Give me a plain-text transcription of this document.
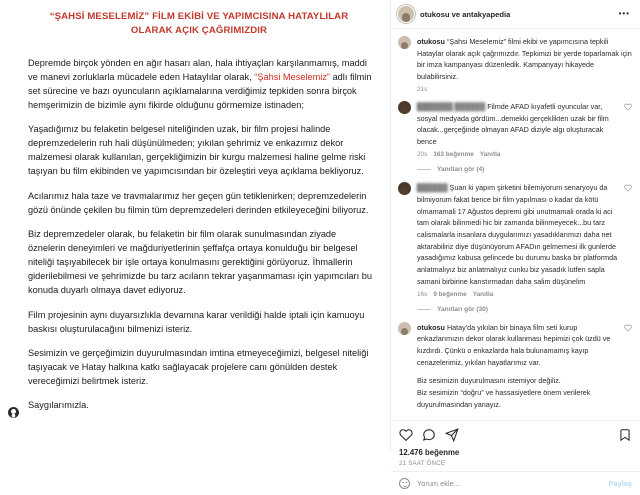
“ŞAHSİ MESELEMİZ” FİLM EKİBİ VE YAPIMCISINA HATAYLILAR OLARAK AÇIK ÇAĞRIMIZDIR

Depremde birçok yönden en ağır hasarı alan, hala ihtiyaçları karşılanmamış, maddi ve manevi zorluklarla mücadele eden Hataylılar olarak, “Şahsi Meselemiz” adlı filmin set sürecine ve bazı oyuncuların açıklamalarına verdiğimiz tepkiden sonra birçok hemşerimizin de bizimle aynı fikirde olduğunu görmemize istinaden;

Yaşadığımız bu felaketin belgesel niteliğinden uzak, bir film projesi halinde depremzedelerin ruh hali düşünülmeden; yıkılan şehrimiz ve enkazımız dekor malzemesi olarak kullanılan, gerçekliğimizin bir kurgu malzemesi haline gelme riski taşıyan bu film ekibinden ve yapımcısından bir özeleştiri veya açıklama bekliyoruz.

Acılarımız hala taze ve travmalarımız her geçen gün tetiklenirken; depremzedelerin gözü önünde çekilen bu filmin tüm depremzedeleri derinden etkileyeceğini biliyoruz.

Biz depremzedeler olarak, bu felaketin bir film olarak sunulmasından ziyade öznelerin deneyimleri ve mağduriyetlerinin şeffafça ortaya konulduğu bir belgesel niteliği taşıyabilecek bir işle ortaya konulmasını gerektiğini görüyoruz. İhmallerin giderilebilmesi ve şehrimizde bu tarz acıların tekrar yaşanmaması için yapımcıları bu konuda duyarlı olmaya davet ediyoruz.

Film projesinin aynı duyarsızlıkla devamına karar verildiği halde iptali için kamuoyu baskısı oluşturulacağını bilmenizi isteriz.

Sesimizin ve gerçeğimizin duyurulmasından imtina etmeyeceğimizi, belgesel niteliği taşıyacak ve Hatay halkına katkı sağlayacak projelere canı gönülden destek vereceğimizi belirtmek isteriz.

Saygılarımızla.

otukosu ve antakyapedia	•••
otukosu “Şahsi Meselemiz” filmi ekibi ve yapımcısına tepkili Hataylar olarak açık çağrımızdır. Tepkimizi bir yerde toparlamak için bir imza kampanyası düzenledik. Kampanyayı hikayede bulabilirsiniz.
21s
███████ ██████ Filmde AFAD kıyafetli oyuncular var, sosyal medyada gördüm...demekki gerçeklikten uzak bir film olacak...gerçeğinde olmayan AFAD diziyle algı oluşturacak bence
20s 163 beğenme Yanıtla
Yanıtları gör (4)
██████ Şuan ki yapım şirketini bilemiyorum senaryoyu da bilmiyorum fakat bence bir film yapılması o kadar da kötü olmamamali 17 Ağustos depremi gibi unutmamali orada ki aci tam olarak bilinmedi hic bir zamanda bilinmeyecek...bu tarz calismalarla insanlara duygularımızı yasadıklarımızı daha net aktarabiliriz diye düşünüyorum AFADın gelmemesi ilk gunlerde yasadığımız kabusa gelincede bu durumu baska bir platformda anlatmalıyız biz anlatmalıyız cunku biz yasadık lutfen sapla samani birbirine karıstırmadan daha salim düşünelim
16s 9 beğenme Yanıtla
Yanıtları gör (30)
otukosu Hatay'da yıkılan bir binaya film seti kurup enkazlarımızın dekor olarak kullanması hepimizi çok üzdü ve kızdırdı. Çünkü o enkazlarda hala bulunamamış kayıp cenazelerimiz, yıkılan hayatlarımız var.
Biz sesimizin duyurulmasını istemiyor değiliz.
Biz sesimizin “doğru” ve hassasiyetlere önem verilerek duyurulmasından yanayız.
12.476 beğenme
21 SAAT ÖNCE
Yorum ekle...	Paylaş
